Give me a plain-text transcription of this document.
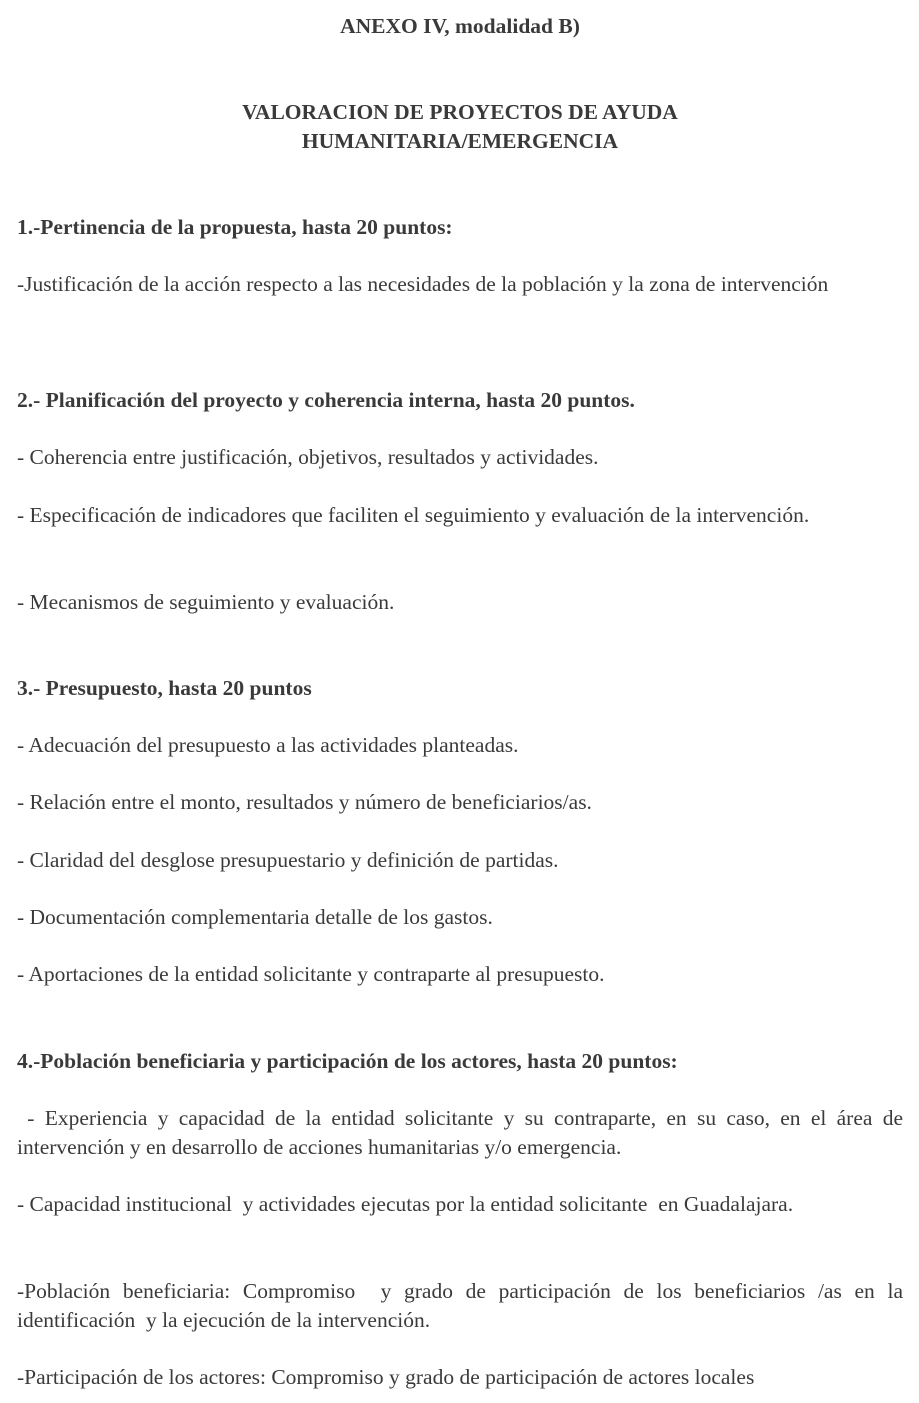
ANEXO IV, modalidad B)

VALORACION DE PROYECTOS DE AYUDA

HUMANITARIA/EMERGENCIA

1.-Pertinencia de la propuesta, hasta 20 puntos:

-Justificación de la acción respecto a las necesidades de la población y la zona de intervención

2.- Planificación del proyecto y coherencia interna, hasta 20 puntos.

- Coherencia entre justificación, objetivos, resultados y actividades.

- Especificación de indicadores que faciliten el seguimiento y evaluación de la intervención.

- Mecanismos de seguimiento y evaluación.

3.- Presupuesto, hasta 20 puntos

- Adecuación del presupuesto a las actividades planteadas.

- Relación entre el monto, resultados y número de beneficiarios/as.

- Claridad del desglose presupuestario y definición de partidas.

- Documentación complementaria detalle de los gastos.

- Aportaciones de la entidad solicitante y contraparte al presupuesto.

4.-Población beneficiaria y participación de los actores, hasta 20 puntos:

- Experiencia y capacidad de la entidad solicitante y su contraparte, en su caso, en el área de intervención y en desarrollo de acciones humanitarias y/o emergencia.

- Capacidad institucional  y actividades ejecutas por la entidad solicitante  en Guadalajara.

-Población beneficiaria: Compromiso  y grado de participación de los beneficiarios /as en la identificación  y la ejecución de la intervención.

-Participación de los actores: Compromiso y grado de participación de actores locales
